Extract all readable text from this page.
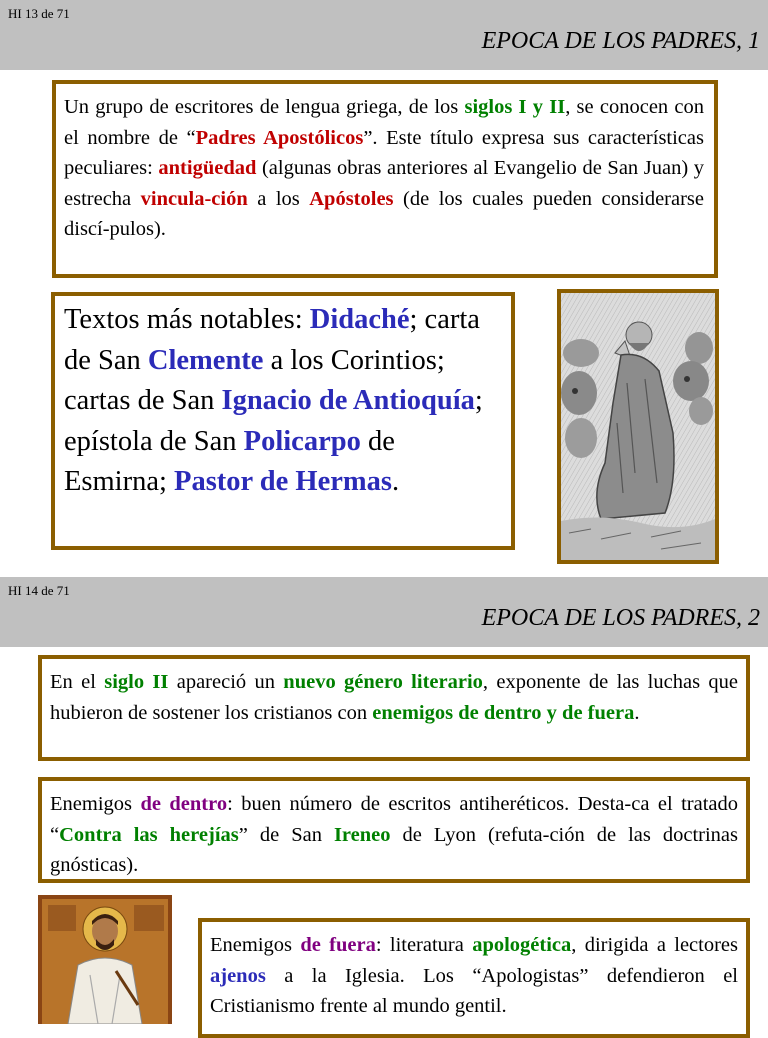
HI 13 de 71
EPOCA DE LOS PADRES, 1

Un grupo de escritores de lengua griega, de los siglos I y II, se conocen con el nombre de “Padres Apostólicos”. Este título expresa sus características peculiares: antigüedad (algunas obras anteriores al Evangelio de San Juan) y estrecha vincula-ción a los Apóstoles (de los cuales pueden considerarse discí-pulos).

Textos más notables: Didaché; carta de San Clemente a los Corintios; cartas de San Ignacio de Antioquía; epístola de San Policarpo de Esmirna; Pastor de Hermas.

HI 14 de 71
EPOCA DE LOS PADRES, 2

En el siglo II apareció un nuevo género literario, exponente de las luchas que hubieron de sostener los cristianos con enemigos de dentro y de fuera.

Enemigos de dentro: buen número de escritos antiheréticos. Desta-ca el tratado “Contra las herejías” de San Ireneo de Lyon (refuta-ción de las doctrinas gnósticas).

Enemigos de fuera: literatura apologética, dirigida a lectores ajenos a la Iglesia. Los “Apologistas” defendieron el Cristianismo frente al mundo gentil.
